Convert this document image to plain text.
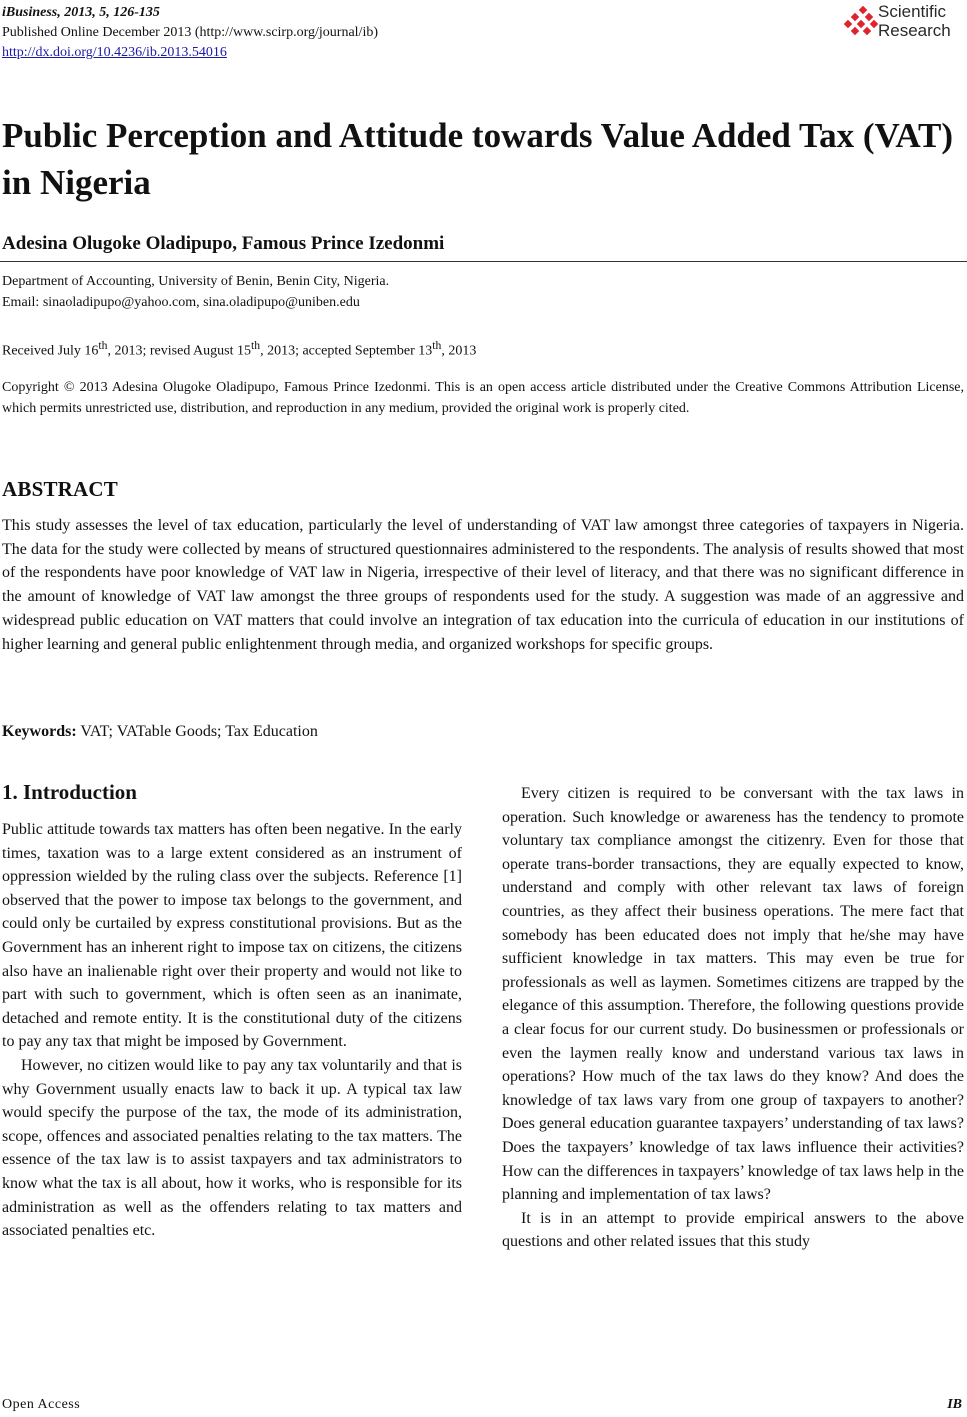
iBusiness, 2013, 5, 126-135
Published Online December 2013 (http://www.scirp.org/journal/ib)
http://dx.doi.org/10.4236/ib.2013.54016
Scientific
Research
Public Perception and Attitude towards Value Added Tax (VAT) in Nigeria
Adesina Olugoke Oladipupo, Famous Prince Izedonmi
Department of Accounting, University of Benin, Benin City, Nigeria.
Email: sinaoladipupo@yahoo.com, sina.oladipupo@uniben.edu
Received July 16th, 2013; revised August 15th, 2013; accepted September 13th, 2013
Copyright © 2013 Adesina Olugoke Oladipupo, Famous Prince Izedonmi. This is an open access article distributed under the Creative Commons Attribution License, which permits unrestricted use, distribution, and reproduction in any medium, provided the original work is properly cited.
ABSTRACT

This study assesses the level of tax education, particularly the level of understanding of VAT law amongst three categories of taxpayers in Nigeria. The data for the study were collected by means of structured questionnaires administered to the respondents. The analysis of results showed that most of the respondents have poor knowledge of VAT law in Nigeria, irrespective of their level of literacy, and that there was no significant difference in the amount of knowledge of VAT law amongst the three groups of respondents used for the study. A suggestion was made of an aggressive and widespread public education on VAT matters that could involve an integration of tax education into the curricula of education in our institutions of higher learning and general public enlightenment through media, and organized workshops for specific groups.

Keywords: VAT; VATable Goods; Tax Education
1. Introduction

Public attitude towards tax matters has often been negative. In the early times, taxation was to a large extent considered as an instrument of oppression wielded by the ruling class over the subjects. Reference [1] observed that the power to impose tax belongs to the government, and could only be curtailed by express constitutional provisions. But as the Government has an inherent right to impose tax on citizens, the citizens also have an inalienable right over their property and would not like to part with such to government, which is often seen as an inanimate, detached and remote entity. It is the constitutional duty of the citizens to pay any tax that might be imposed by Government.

However, no citizen would like to pay any tax voluntarily and that is why Government usually enacts law to back it up. A typical tax law would specify the purpose of the tax, the mode of its administration, scope, offences and associated penalties relating to the tax matters. The essence of the tax law is to assist taxpayers and tax administrators to know what the tax is all about, how it works, who is responsible for its administration as well as the offenders relating to tax matters and associated penalties etc.

Every citizen is required to be conversant with the tax laws in operation. Such knowledge or awareness has the tendency to promote voluntary tax compliance amongst the citizenry. Even for those that operate trans-border transactions, they are equally expected to know, understand and comply with other relevant tax laws of foreign countries, as they affect their business operations. The mere fact that somebody has been educated does not imply that he/she may have sufficient knowledge in tax matters. This may even be true for professionals as well as laymen. Sometimes citizens are trapped by the elegance of this assumption. Therefore, the following questions provide a clear focus for our current study. Do businessmen or professionals or even the laymen really know and understand various tax laws in operations? How much of the tax laws do they know? And does the knowledge of tax laws vary from one group of taxpayers to another? Does general education guarantee taxpayers’ understanding of tax laws? Does the taxpayers’ knowledge of tax laws influence their activities? How can the differences in taxpayers’ knowledge of tax laws help in the planning and implementation of tax laws?

It is in an attempt to provide empirical answers to the above questions and other related issues that this study

Open Access	IB
